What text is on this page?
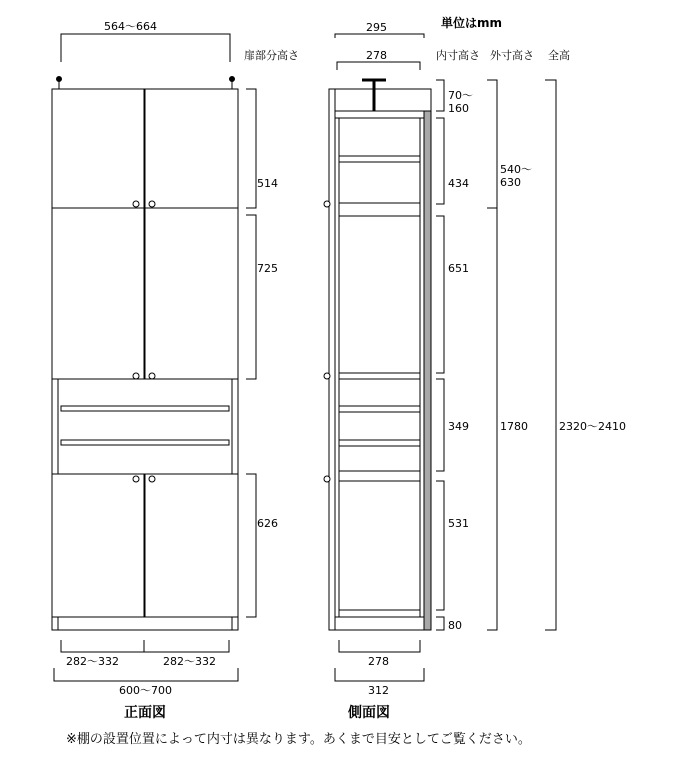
単位はmm
扉部分高さ	内寸高さ 外寸高さ 全高
564～664	295
278
514
725
626
70～
160
434
651
349
531
80
540～
630
1780	2320～2410
282～332	282～332
600～700
278
312
正面図	側面図
※棚の設置位置によって内寸は異なります。あくまで目安としてご覧ください。
